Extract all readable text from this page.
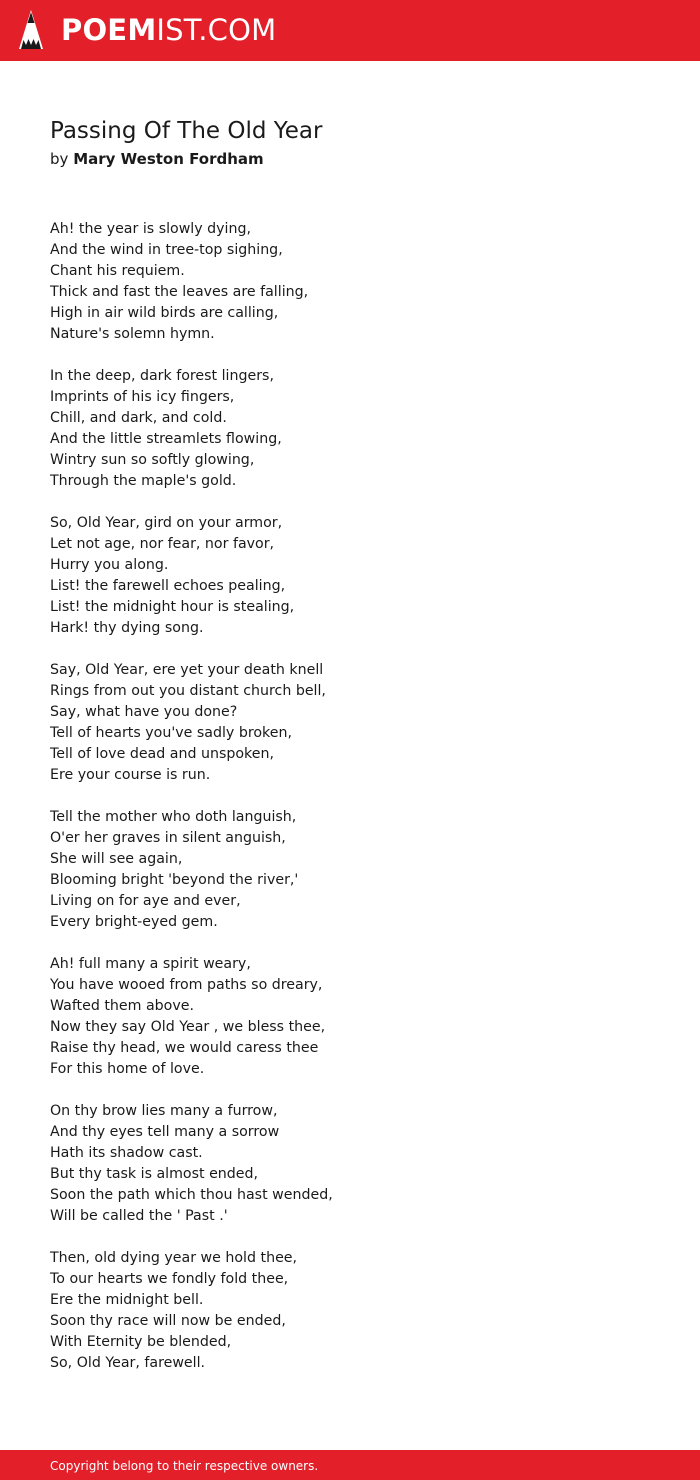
POEMIST.COM
Passing Of The Old Year
by Mary Weston Fordham
Ah! the year is slowly dying,
And the wind in tree-top sighing,
Chant his requiem.
Thick and fast the leaves are falling,
High in air wild birds are calling,
Nature's solemn hymn.
In the deep, dark forest lingers,
Imprints of his icy fingers,
Chill, and dark, and cold.
And the little streamlets flowing,
Wintry sun so softly glowing,
Through the maple's gold.
So, Old Year, gird on your armor,
Let not age, nor fear, nor favor,
Hurry you along.
List! the farewell echoes pealing,
List! the midnight hour is stealing,
Hark! thy dying song.
Say, Old Year, ere yet your death knell
Rings from out you distant church bell,
Say, what have you done?
Tell of hearts you've sadly broken,
Tell of love dead and unspoken,
Ere your course is run.
Tell the mother who doth languish,
O'er her graves in silent anguish,
She will see again,
Blooming bright 'beyond the river,'
Living on for aye and ever,
Every bright-eyed gem.
Ah! full many a spirit weary,
You have wooed from paths so dreary,
Wafted them above.
Now they say Old Year , we bless thee,
Raise thy head, we would caress thee
For this home of love.
On thy brow lies many a furrow,
And thy eyes tell many a sorrow
Hath its shadow cast.
But thy task is almost ended,
Soon the path which thou hast wended,
Will be called the ' Past .'
Then, old dying year we hold thee,
To our hearts we fondly fold thee,
Ere the midnight bell.
Soon thy race will now be ended,
With Eternity be blended,
So, Old Year, farewell.
Copyright belong to their respective owners.
